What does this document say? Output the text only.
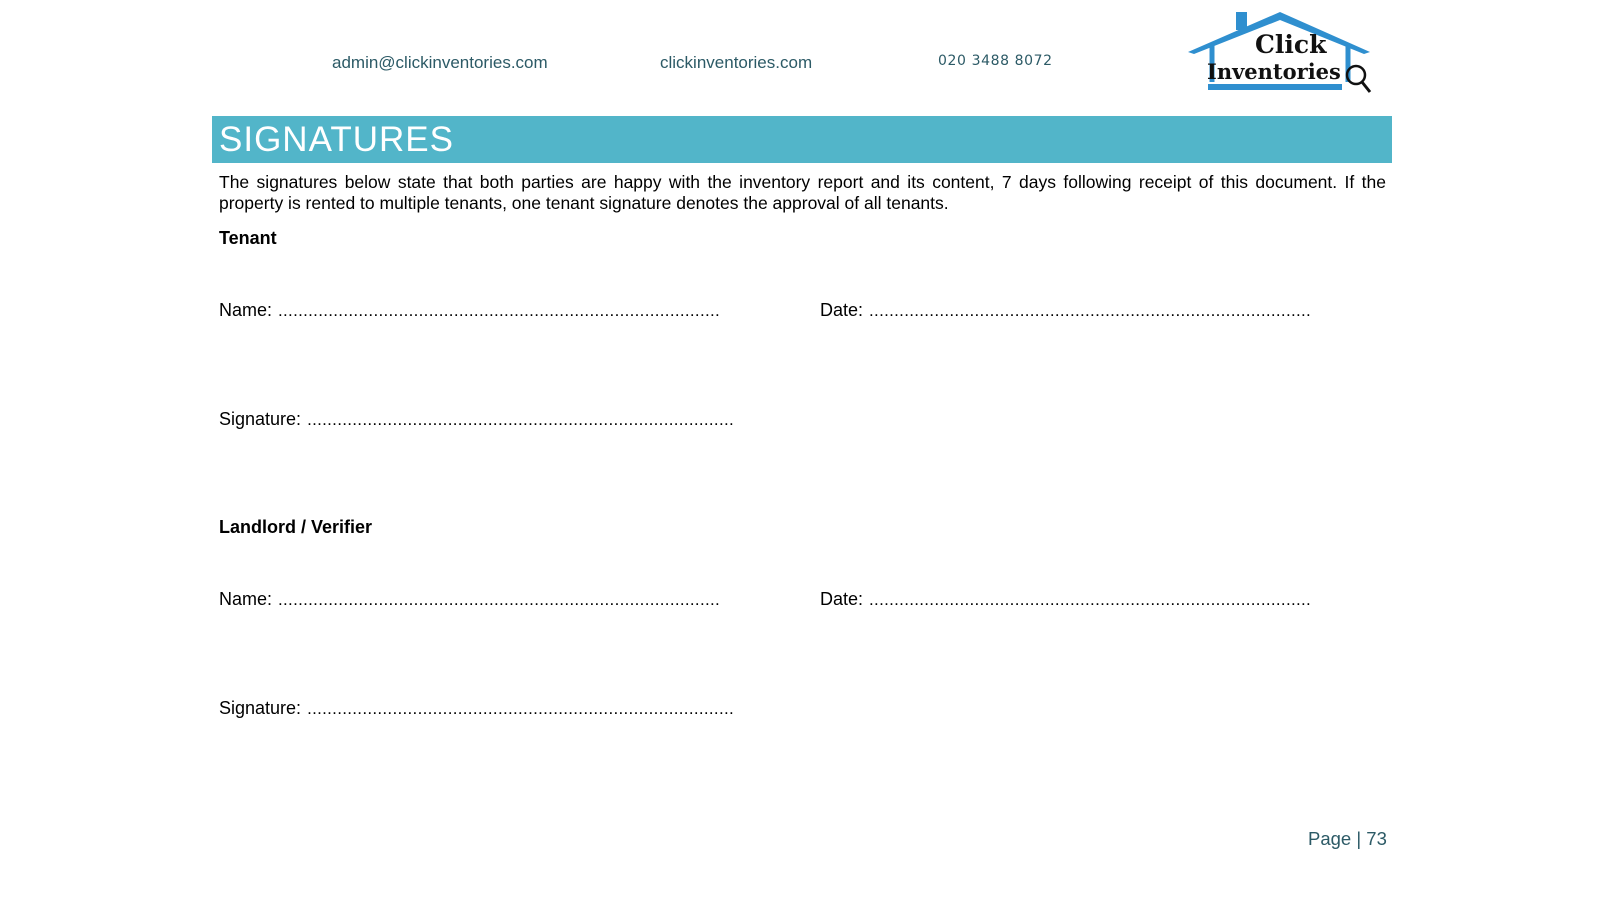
admin@clickinventories.com	clickinventories.com	020 3488 8072
Click
Inventories
SIGNATURES
The signatures below state that both parties are happy with the inventory report and its content, 7 days following receipt of this document. If the property is rented to multiple tenants, one tenant signature denotes the approval of all tenants.
Tenant
Name: ........................................................................................	Date: ........................................................................................
Signature: .....................................................................................
Landlord / Verifier
Name: ........................................................................................	Date: ........................................................................................
Signature: .....................................................................................
Page | 73
